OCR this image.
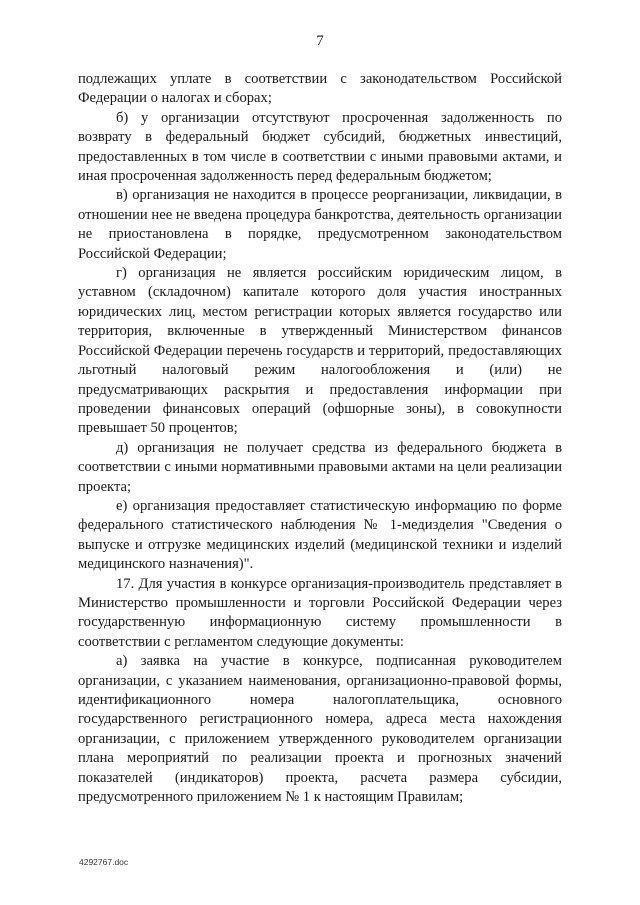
7

подлежащих уплате в соответствии с законодательством Российской Федерации о налогах и сборах;

б) у организации отсутствуют просроченная задолженность по возврату в федеральный бюджет субсидий, бюджетных инвестиций, предоставленных в том числе в соответствии с иными правовыми актами, и иная просроченная задолженность перед федеральным бюджетом;

в) организация не находится в процессе реорганизации, ликвидации, в отношении нее не введена процедура банкротства, деятельность организации не приостановлена в порядке, предусмотренном законодательством Российской Федерации;

г) организация не является российским юридическим лицом, в уставном (складочном) капитале которого доля участия иностранных юридических лиц, местом регистрации которых является государство или территория, включенные в утвержденный Министерством финансов Российской Федерации перечень государств и территорий, предоставляющих льготный налоговый режим налогообложения и (или) не предусматривающих раскрытия и предоставления информации при проведении финансовых операций (офшорные зоны), в совокупности превышает 50 процентов;

д) организация не получает средства из федерального бюджета в соответствии с иными нормативными правовыми актами на цели реализации проекта;

е) организация предоставляет статистическую информацию по форме федерального статистического наблюдения № 1-медизделия "Сведения о выпуске и отгрузке медицинских изделий (медицинской техники и изделий медицинского назначения)".

17. Для участия в конкурсе организация-производитель представляет в Министерство промышленности и торговли Российской Федерации через государственную информационную систему промышленности в соответствии с регламентом следующие документы:

а) заявка на участие в конкурсе, подписанная руководителем организации, с указанием наименования, организационно-правовой формы, идентификационного номера налогоплательщика, основного государственного регистрационного номера, адреса места нахождения организации, с приложением утвержденного руководителем организации плана мероприятий по реализации проекта и прогнозных значений показателей (индикаторов) проекта, расчета размера субсидии, предусмотренного приложением № 1 к настоящим Правилам;

4292767.doc
